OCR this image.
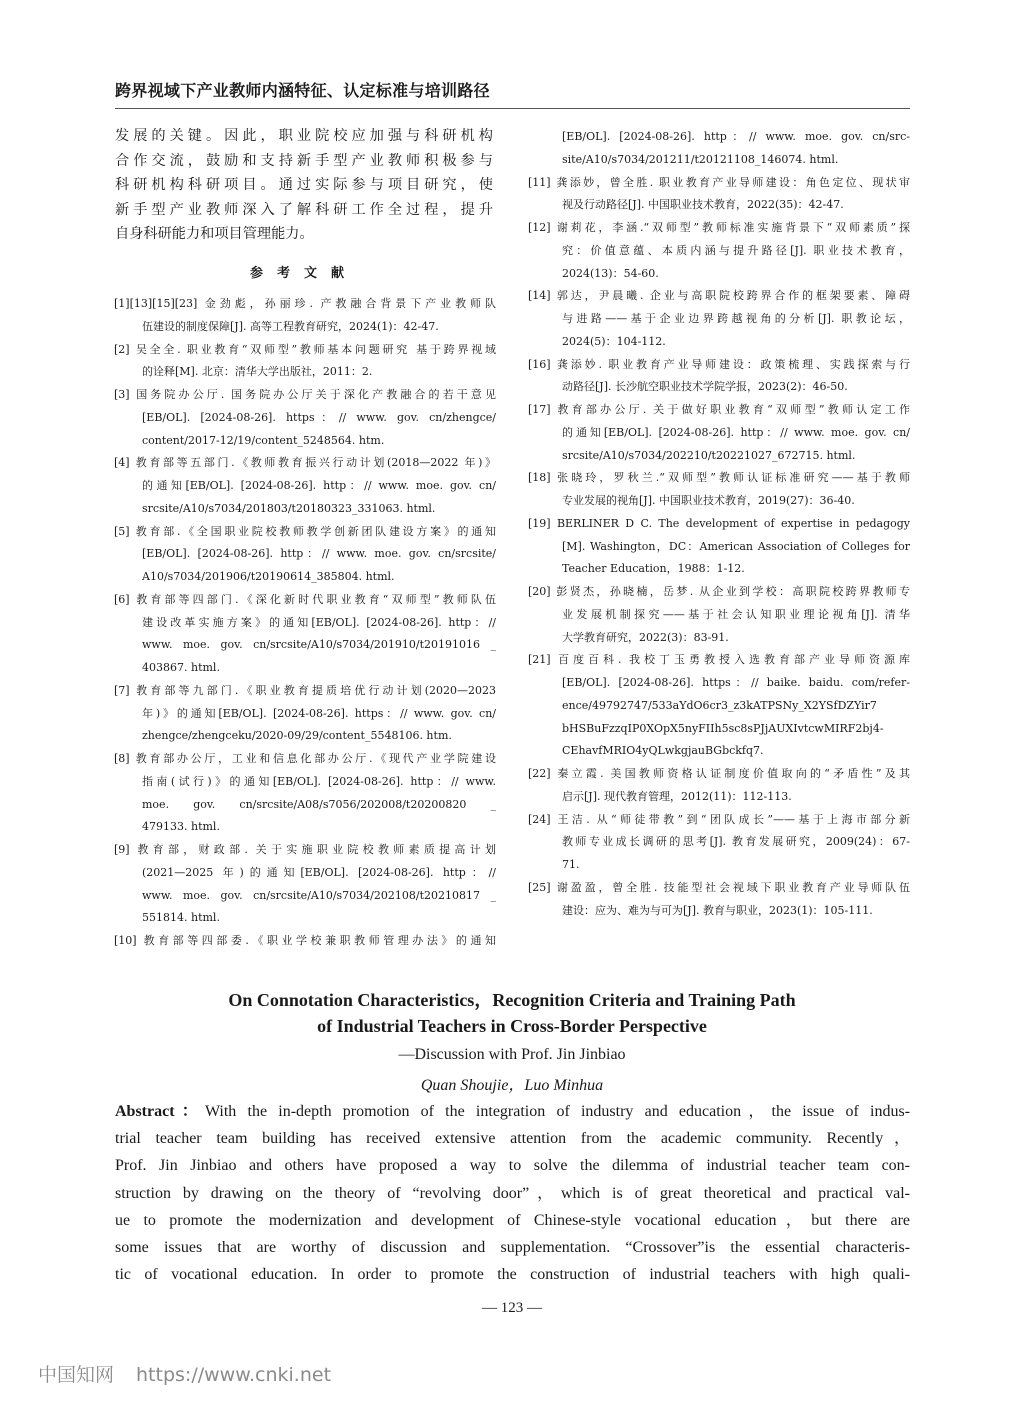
跨界视域下产业教师内涵特征、认定标准与培训路径
发展的关键。因此，职业院校应加强与科研机构
合作交流，鼓励和支持新手型产业教师积极参与
科研机构科研项目。通过实际参与项目研究，使
新手型产业教师深入了解科研工作全过程，提升
自身科研能力和项目管理能力。
参考文献
[1][13][15][23] 金劲彪，孙丽珍. 产教融合背景下产业教师队
伍建设的制度保障[J]. 高等工程教育研究，2024(1)：42-47.
[2] 吴全全. 职业教育“双师型”教师基本问题研究 基于跨界视域
的诠释[M]. 北京：清华大学出版社，2011：2.
[3] 国务院办公厅. 国务院办公厅关于深化产教融合的若干意见
[EB/OL]. [2024-08-26]. https：// www. gov. cn/zhengce/
content/2017-12/19/content_5248564. htm.
[4] 教育部等五部门.《教师教育振兴行动计划(2018—2022 年)》
的通知[EB/OL]. [2024-08-26]. http：// www. moe. gov. cn/
srcsite/A10/s7034/201803/t20180323_331063. html.
[5] 教育部.《全国职业院校教师教学创新团队建设方案》的通知
[EB/OL]. [2024-08-26]. http：// www. moe. gov. cn/srcsite/
A10/s7034/201906/t20190614_385804. html.
[6] 教育部等四部门.《深化新时代职业教育“双师型”教师队伍
建设改革实施方案》的通知[EB/OL]. [2024-08-26]. http：//
www. moe. gov. cn/srcsite/A10/s7034/201910/t20191016 _
403867. html.
[7] 教育部等九部门.《职业教育提质培优行动计划(2020—2023
年)》的通知[EB/OL]. [2024-08-26]. https：// www. gov. cn/
zhengce/zhengceku/2020-09/29/content_5548106. htm.
[8] 教育部办公厅，工业和信息化部办公厅.《现代产业学院建设
指南(试行)》的通知[EB/OL]. [2024-08-26]. http：// www.
moe. gov. cn/srcsite/A08/s7056/202008/t20200820 _
479133. html.
[9] 教育部，财政部. 关于实施职业院校教师素质提高计划
(2021—2025 年)的通知[EB/OL]. [2024-08-26]. http：//
www. moe. gov. cn/srcsite/A10/s7034/202108/t20210817 _
551814. html.
[10] 教育部等四部委.《职业学校兼职教师管理办法》的通知
[EB/OL]. [2024-08-26]. http：// www. moe. gov. cn/src-
site/A10/s7034/201211/t20121108_146074. html.
[11] 龚添妙，曾全胜. 职业教育产业导师建设：角色定位、现状审
视及行动路径[J]. 中国职业技术教育，2022(35)：42-47.
[12] 谢莉花，李涵.“双师型”教师标准实施背景下“双师素质”探
究：价值意蕴、本质内涵与提升路径[J]. 职业技术教育，
2024(13)：54-60.
[14] 郭达，尹晨曦. 企业与高职院校跨界合作的框架要素、障碍
与进路——基于企业边界跨越视角的分析[J]. 职教论坛，
2024(5)：104-112.
[16] 龚添妙. 职业教育产业导师建设：政策梳理、实践探索与行
动路径[J]. 长沙航空职业技术学院学报，2023(2)：46-50.
[17] 教育部办公厅. 关于做好职业教育“双师型”教师认定工作
的通知[EB/OL]. [2024-08-26]. http：// www. moe. gov. cn/
srcsite/A10/s7034/202210/t20221027_672715. html.
[18] 张晓玲，罗秋兰.“双师型”教师认证标准研究——基于教师
专业发展的视角[J]. 中国职业技术教育，2019(27)：36-40.
[19] BERLINER D C. The development of expertise in pedagogy
[M]. Washington，DC：American Association of Colleges for
Teacher Education，1988：1-12.
[20] 彭贤杰，孙晓楠，岳梦. 从企业到学校：高职院校跨界教师专
业发展机制探究——基于社会认知职业理论视角[J]. 清华
大学教育研究，2022(3)：83-91.
[21] 百度百科. 我校丁玉勇教授入选教育部产业导师资源库
[EB/OL]. [2024-08-26]. https：// baike. baidu. com/refer-
ence/49792747/533aYdO6cr3_z3kATPSNy_X2YSfDZYir7
bHSBuFzzqIP0XOpX5nyFIIh5sc8sPJjAUXIvtcwMIRF2bj4-
CEhavfMRIO4yQLwkgjauBGbckfq7.
[22] 秦立霞. 美国教师资格认证制度价值取向的“矛盾性”及其
启示[J]. 现代教育管理，2012(11)：112-113.
[24] 王洁. 从“师徒带教”到“团队成长”——基于上海市部分新
教师专业成长调研的思考[J]. 教育发展研究，2009(24)：67-
71.
[25] 谢盈盈，曾全胜. 技能型社会视域下职业教育产业导师队伍
建设：应为、难为与可为[J]. 教育与职业，2023(1)：105-111.
On Connotation Characteristics，Recognition Criteria and Training Path
of Industrial Teachers in Cross-Border Perspective
—Discussion with Prof. Jin Jinbiao
Quan Shoujie，Luo Minhua
Abstract：With the in-depth promotion of the integration of industry and education，the issue of indus-
trial teacher team building has received extensive attention from the academic community. Recently，
Prof. Jin Jinbiao and others have proposed a way to solve the dilemma of industrial teacher team con-
struction by drawing on the theory of “revolving door”，which is of great theoretical and practical val-
ue to promote the modernization and development of Chinese-style vocational education，but there are
some issues that are worthy of discussion and supplementation. “Crossover”is the essential characteris-
tic of vocational education. In order to promote the construction of industrial teachers with high quali-
— 123 —
中国知网 https://www.cnki.net
